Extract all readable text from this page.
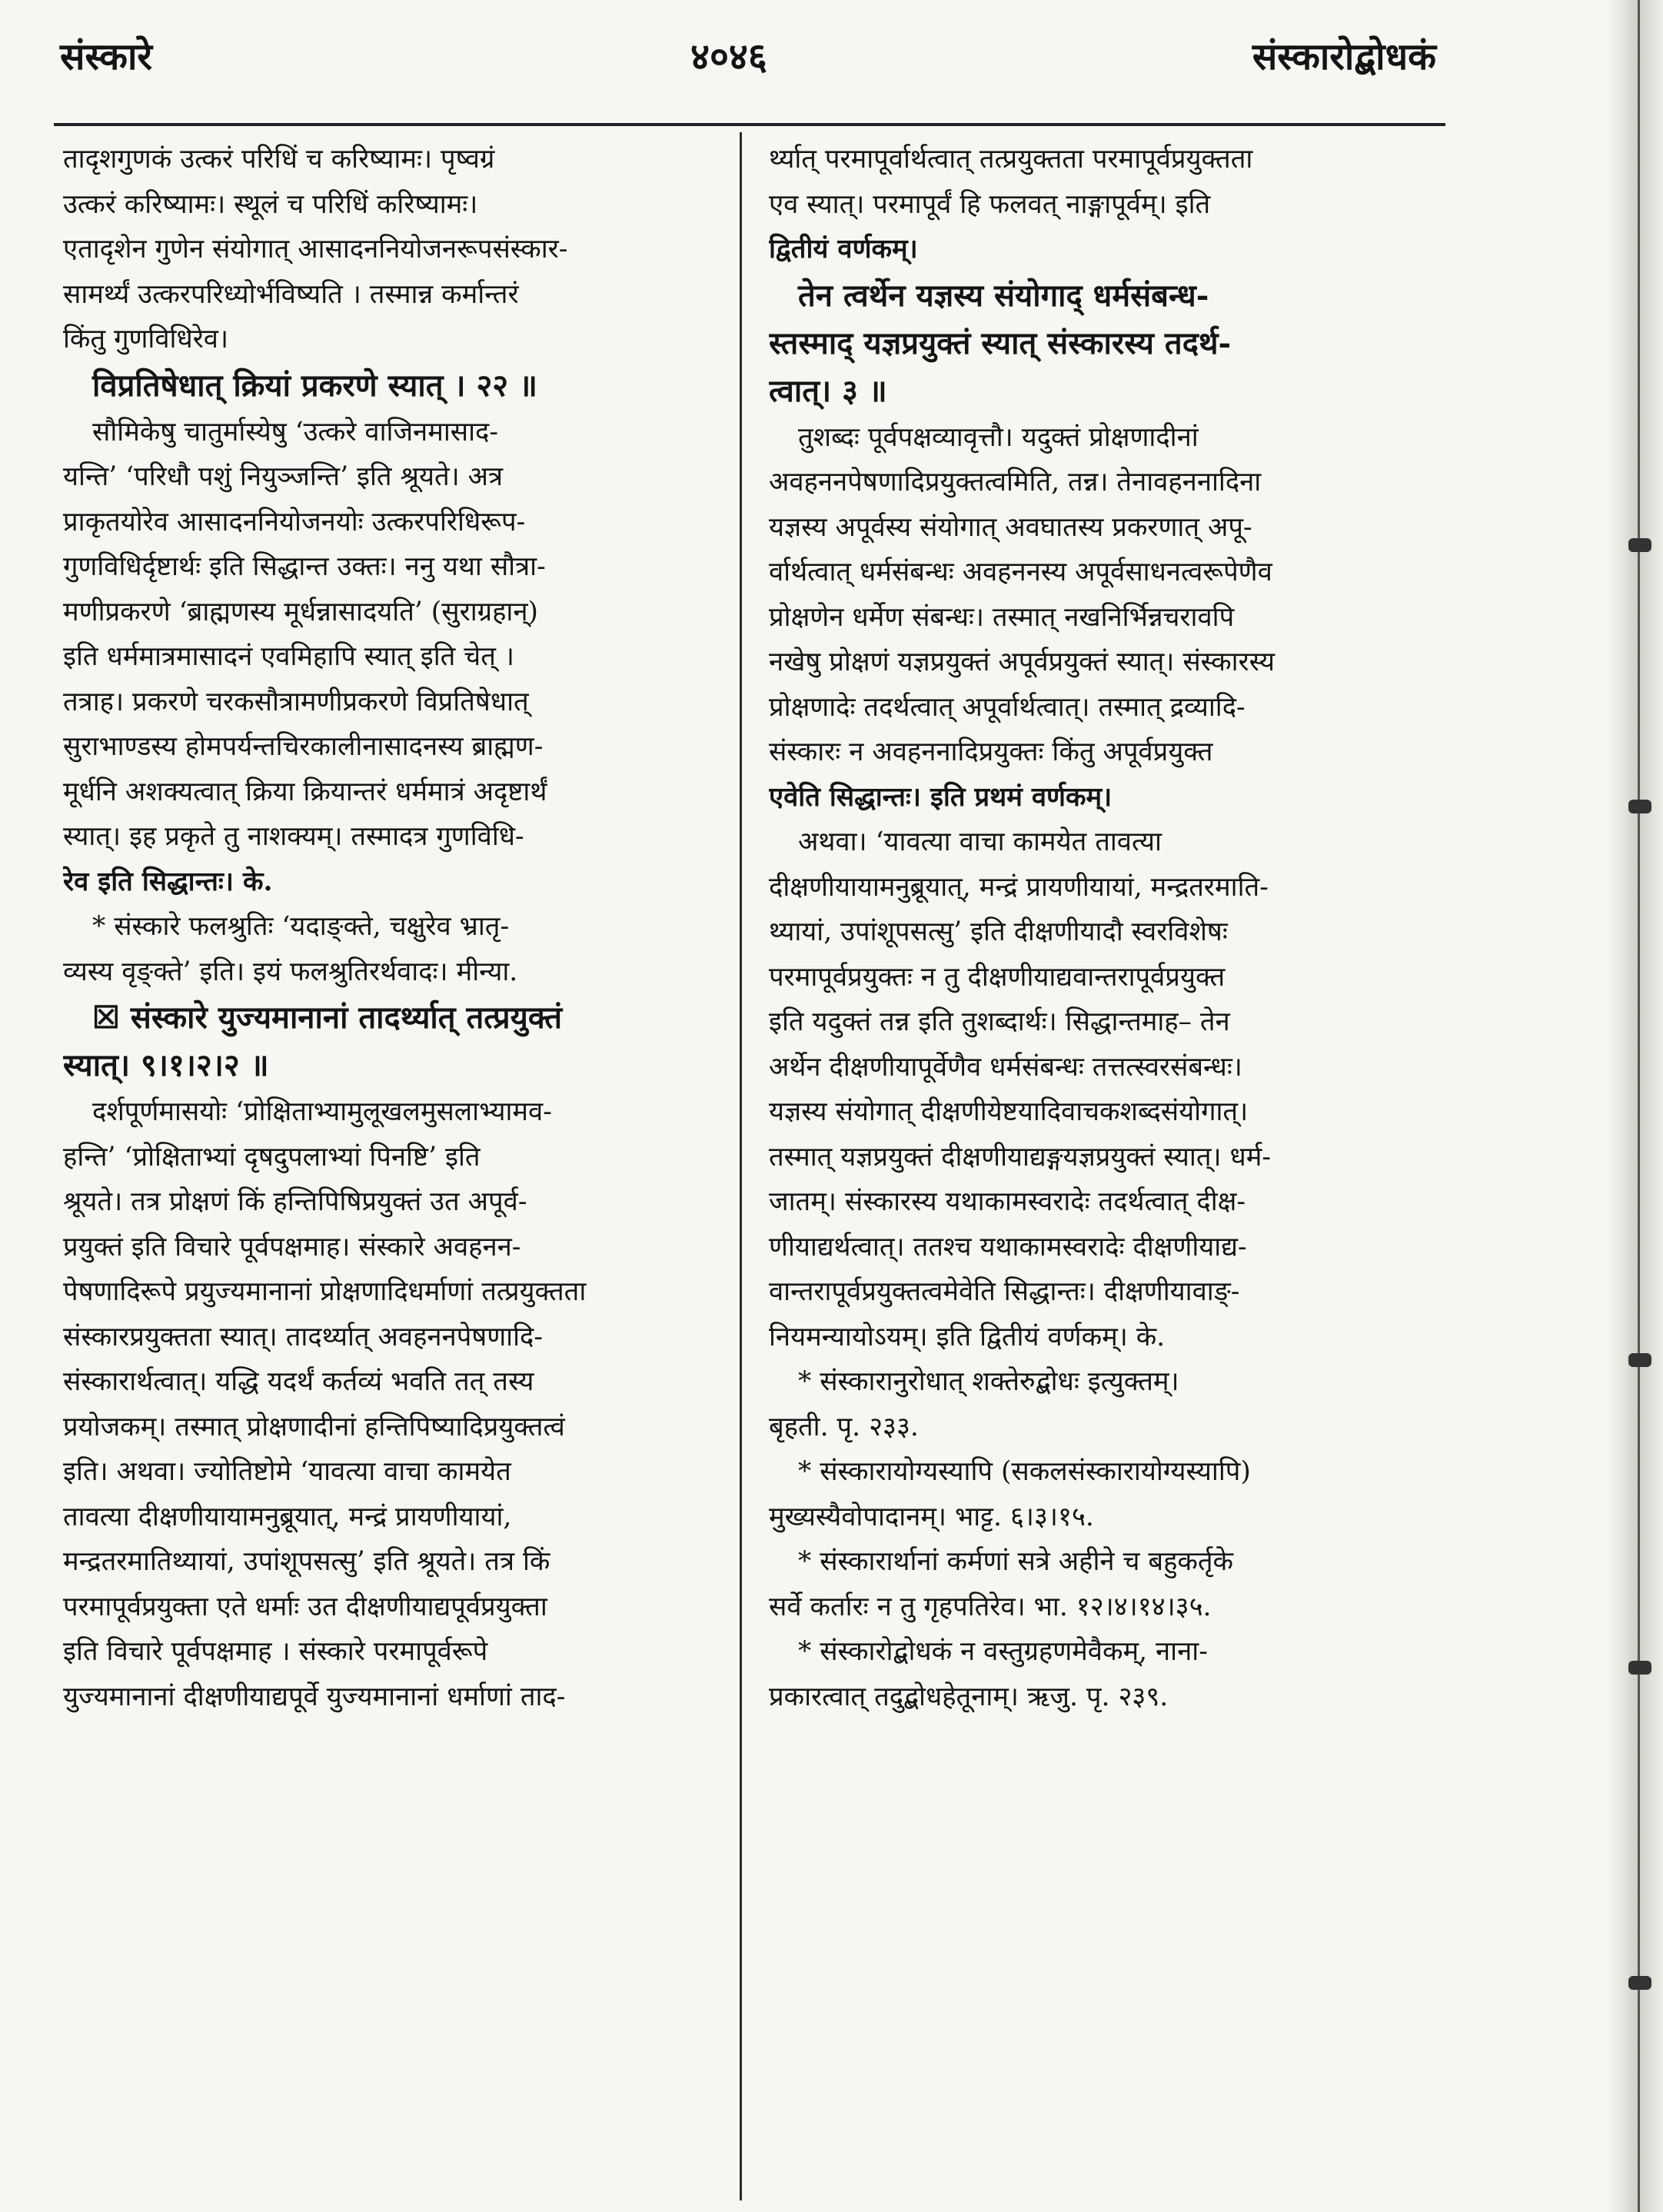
संस्कारे	४०४६	संस्कारोद्बोधकं
तादृशगुणकं उत्करं परिधिं च करिष्यामः। पृष्वग्रं
उत्करं करिष्यामः। स्थूलं च परिधिं करिष्यामः।
एतादृशेन गुणेन संयोगात् आसादननियोजनरूपसंस्कार-
सामर्थ्यं उत्करपरिध्योर्भविष्यति । तस्मान्न कर्मान्तरं
किंतु गुणविधिरेव।
विप्रतिषेधात् क्रियां प्रकरणे स्यात् । २२ ॥
सौमिकेषु चातुर्मास्येषु ‘उत्करे वाजिनमासाद-
यन्ति’ ‘परिधौ पशुं नियुञ्जन्ति’ इति श्रूयते। अत्र
प्राकृतयोरेव आसादननियोजनयोः उत्करपरिधिरूप-
गुणविधिर्दृष्टार्थः इति सिद्धान्त उक्तः। ननु यथा सौत्रा-
मणीप्रकरणे ‘ब्राह्मणस्य मूर्धन्नासादयति’ (सुराग्रहान्)
इति धर्ममात्रमासादनं एवमिहापि स्यात् इति चेत् ।
तत्राह। प्रकरणे चरकसौत्रामणीप्रकरणे विप्रतिषेधात्
सुराभाण्डस्य होमपर्यन्तचिरकालीनासादनस्य ब्राह्मण-
मूर्धनि अशक्यत्वात् क्रिया क्रियान्तरं धर्ममात्रं अदृष्टार्थं
स्यात्। इह प्रकृते तु नाशक्यम्। तस्मादत्र गुणविधि-
रेव इति सिद्धान्तः। के.
* संस्कारे फलश्रुतिः ‘यदाङ्क्ते, चक्षुरेव भ्रातृ-
व्यस्य वृङ्क्ते’ इति। इयं फलश्रुतिरर्थवादः। मीन्या.
☒ संस्कारे युज्यमानानां तादर्थ्यात् तत्प्रयुक्तं
स्यात्। ९।१।२।२ ॥
दर्शपूर्णमासयोः ‘प्रोक्षिताभ्यामुलूखलमुसलाभ्यामव-
हन्ति’ ‘प्रोक्षिताभ्यां दृषदुपलाभ्यां पिनष्टि’ इति
श्रूयते। तत्र प्रोक्षणं किं हन्तिपिषिप्रयुक्तं उत अपूर्व-
प्रयुक्तं इति विचारे पूर्वपक्षमाह। संस्कारे अवहनन-
पेषणादिरूपे प्रयुज्यमानानां प्रोक्षणादिधर्माणां तत्प्रयुक्तता
संस्कारप्रयुक्तता स्यात्। तादर्थ्यात् अवहननपेषणादि-
संस्कारार्थत्वात्। यद्धि यदर्थं कर्तव्यं भवति तत् तस्य
प्रयोजकम्। तस्मात् प्रोक्षणादीनां हन्तिपिष्यादिप्रयुक्तत्वं
इति। अथवा। ज्योतिष्टोमे ‘यावत्या वाचा कामयेत
तावत्या दीक्षणीयायामनुब्रूयात्, मन्द्रं प्रायणीयायां,
मन्द्रतरमातिथ्यायां, उपांशूपसत्सु’ इति श्रूयते। तत्र किं
परमापूर्वप्रयुक्ता एते धर्माः उत दीक्षणीयाद्यपूर्वप्रयुक्ता
इति विचारे पूर्वपक्षमाह । संस्कारे परमापूर्वरूपे
युज्यमानानां दीक्षणीयाद्यपूर्वे युज्यमानानां धर्माणां ताद-
र्थ्यात् परमापूर्वार्थत्वात् तत्प्रयुक्तता परमापूर्वप्रयुक्तता
एव स्यात्। परमापूर्वं हि फलवत् नाङ्गापूर्वम्। इति
द्वितीयं वर्णकम्।
तेन त्वर्थेन यज्ञस्य संयोगाद् धर्मसंबन्ध-
स्तस्माद् यज्ञप्रयुक्तं स्यात् संस्कारस्य तदर्थ-
त्वात्। ३ ॥
तुशब्दः पूर्वपक्षव्यावृत्तौ। यदुक्तं प्रोक्षणादीनां
अवहननपेषणादिप्रयुक्तत्वमिति, तन्न। तेनावहननादिना
यज्ञस्य अपूर्वस्य संयोगात् अवघातस्य प्रकरणात् अपू-
र्वार्थत्वात् धर्मसंबन्धः अवहननस्य अपूर्वसाधनत्वरूपेणैव
प्रोक्षणेन धर्मेण संबन्धः। तस्मात् नखनिर्भिन्नचरावपि
नखेषु प्रोक्षणं यज्ञप्रयुक्तं अपूर्वप्रयुक्तं स्यात्। संस्कारस्य
प्रोक्षणादेः तदर्थत्वात् अपूर्वार्थत्वात्। तस्मात् द्रव्यादि-
संस्कारः न अवहननादिप्रयुक्तः किंतु अपूर्वप्रयुक्त
एवेति सिद्धान्तः। इति प्रथमं वर्णकम्।
अथवा। ‘यावत्या वाचा कामयेत तावत्या
दीक्षणीयायामनुब्रूयात्, मन्द्रं प्रायणीयायां, मन्द्रतरमाति-
थ्यायां, उपांशूपसत्सु’ इति दीक्षणीयादौ स्वरविशेषः
परमापूर्वप्रयुक्तः न तु दीक्षणीयाद्यवान्तरापूर्वप्रयुक्त
इति यदुक्तं तन्न इति तुशब्दार्थः। सिद्धान्तमाह– तेन
अर्थेन दीक्षणीयापूर्वेणैव धर्मसंबन्धः तत्तत्स्वरसंबन्धः।
यज्ञस्य संयोगात् दीक्षणीयेष्टयादिवाचकशब्दसंयोगात्।
तस्मात् यज्ञप्रयुक्तं दीक्षणीयाद्यङ्गयज्ञप्रयुक्तं स्यात्। धर्म-
जातम्। संस्कारस्य यथाकामस्वरादेः तदर्थत्वात् दीक्ष-
णीयाद्यर्थत्वात्। ततश्च यथाकामस्वरादेः दीक्षणीयाद्य-
वान्तरापूर्वप्रयुक्तत्वमेवेति सिद्धान्तः। दीक्षणीयावाङ्-
नियमन्यायोऽयम्। इति द्वितीयं वर्णकम्। के.
* संस्कारानुरोधात् शक्तेरुद्बोधः इत्युक्तम्।
बृहती. पृ. २३३.
* संस्कारायोग्यस्यापि (सकलसंस्कारायोग्यस्यापि)
मुख्यस्यैवोपादानम्। भाट्ट. ६।३।१५.
* संस्कारार्थानां कर्मणां सत्रे अहीने च बहुकर्तृके
सर्वे कर्तारः न तु गृहपतिरेव। भा. १२।४।१४।३५.
* संस्कारोद्बोधकं न वस्तुग्रहणमेवैकम्, नाना-
प्रकारत्वात् तदुद्बोधहेतूनाम्। ऋजु. पृ. २३९.
